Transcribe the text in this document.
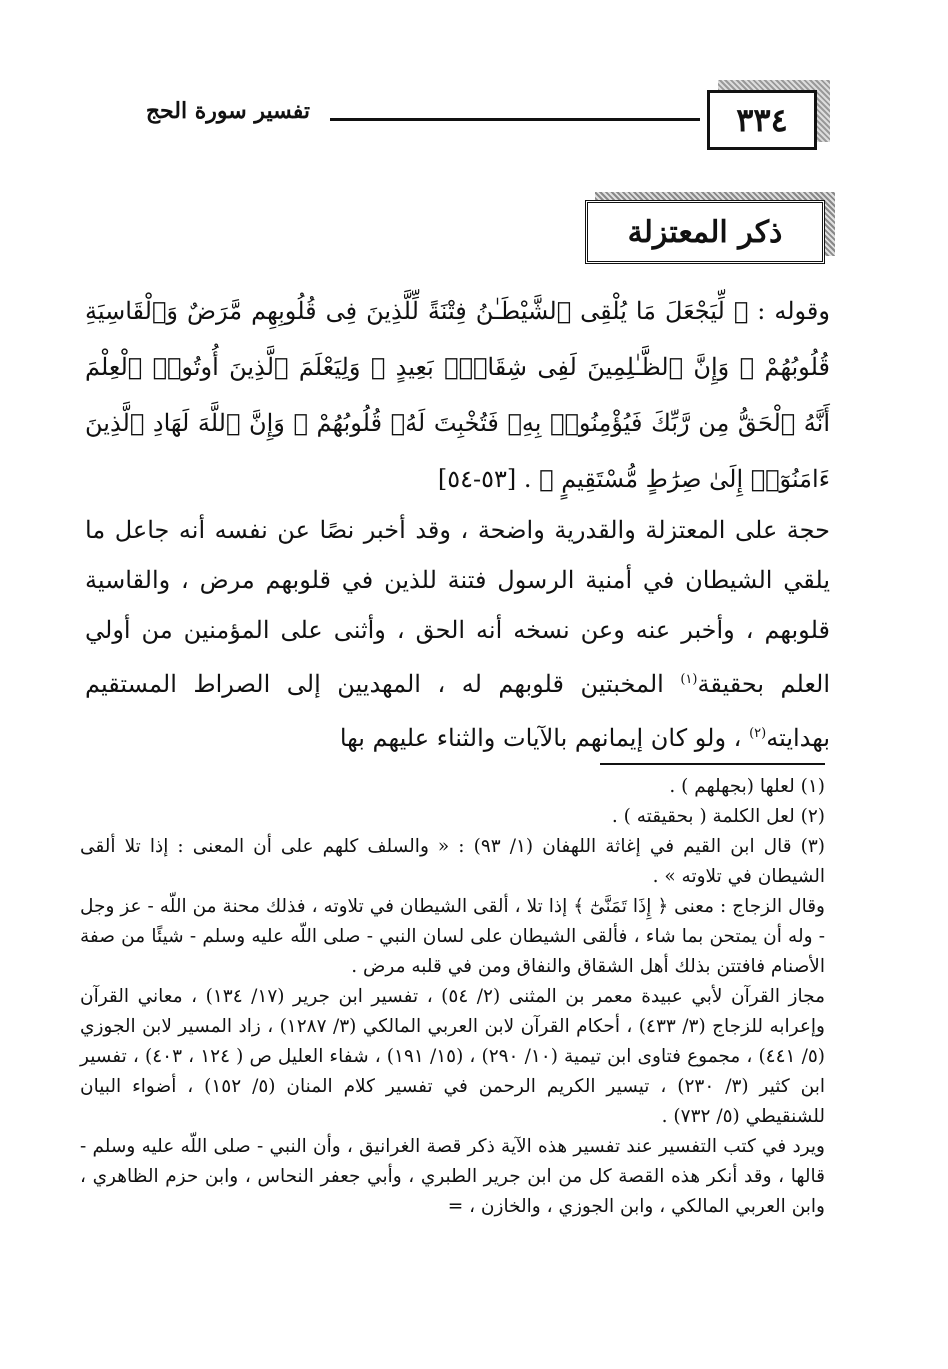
٣٣٤
تفسير سورة الحج
ذكر المعتزلة
وقوله : ﴿ لِّيَجْعَلَ مَا يُلْقِى ٱلشَّيْطَـٰنُ فِتْنَةً لِّلَّذِينَ فِى قُلُوبِهِم مَّرَضٌ وَٱلْقَاسِيَةِ قُلُوبُهُمْ ۗ وَإِنَّ ٱلظَّـٰلِمِينَ لَفِى شِقَاقٍۭ بَعِيدٍ ۞ وَلِيَعْلَمَ ٱلَّذِينَ أُوتُوا۟ ٱلْعِلْمَ أَنَّهُ ٱلْحَقُّ مِن رَّبِّكَ فَيُؤْمِنُوا۟ بِهِۦ فَتُخْبِتَ لَهُۥ قُلُوبُهُمْ ۗ وَإِنَّ ٱللَّهَ لَهَادِ ٱلَّذِينَ ءَامَنُوٓا۟ إِلَىٰ صِرَٰطٍ مُّسْتَقِيمٍ ﴾ . [٥٣-٥٤]
حجة على المعتزلة والقدرية واضحة ، وقد أخبر نصًا عن نفسه أنه جاعل ما يلقي الشيطان في أمنية الرسول فتنة للذين في قلوبهم مرض ، والقاسية قلوبهم ، وأخبر عنه وعن نسخه أنه الحق ، وأثنى على المؤمنين من أولي العلم بحقيقة$^{(١)}$ المخبتين قلوبهم له ، المهديين إلى الصراط المستقيم بهدايته$^{(٢)}$ ، ولو كان إيمانهم بالآيات والثناء عليهم بها

(١) لعلها (بجهلهم ) .

(٢) لعل الكلمة ( بحقيقته ) .

(٣) قال ابن القيم في إغاثة اللهفان (١/ ٩٣) : « والسلف كلهم على أن المعنى : إذا تلا ألقى الشيطان في تلاوته » .

وقال الزجاج : معنى ﴿ إِذَا تَمَنَّىٰٓ ﴾ إذا تلا ، ألقى الشيطان في تلاوته ، فذلك محنة من اللّه - عز وجل - وله أن يمتحن بما شاء ، فألقى الشيطان على لسان النبي - صلى اللّه عليه وسلم - شيئًا من صفة الأصنام فافتتن بذلك أهل الشقاق والنفاق ومن في قلبه مرض .

مجاز القرآن لأبي عبيدة معمر بن المثنى (٢/ ٥٤) ، تفسير ابن جرير (١٧/ ١٣٤) ، معاني القرآن وإعرابه للزجاج (٣/ ٤٣٣) ، أحكام القرآن لابن العربي المالكي (٣/ ١٢٨٧) ، زاد المسير لابن الجوزي (٥/ ٤٤١) ، مجموع فتاوى ابن تيمية (١٠/ ٢٩٠) ، (١٥/ ١٩١) ، شفاء العليل ص ( ١٢٤ ، ٤٠٣) ، تفسير ابن كثير (٣/ ٢٣٠) ، تيسير الكريم الرحمن في تفسير كلام المنان (٥/ ١٥٢) ، أضواء البيان للشنقيطي (٥/ ٧٣٢) .

ويرد في كتب التفسير عند تفسير هذه الآية ذكر قصة الغرانيق ، وأن النبي - صلى اللّه عليه وسلم - قالها ، وقد أنكر هذه القصة كل من ابن جرير الطبري ، وأبي جعفر النحاس ، وابن حزم الظاهري ، وابن العربي المالكي ، وابن الجوزي ، والخازن ، =
